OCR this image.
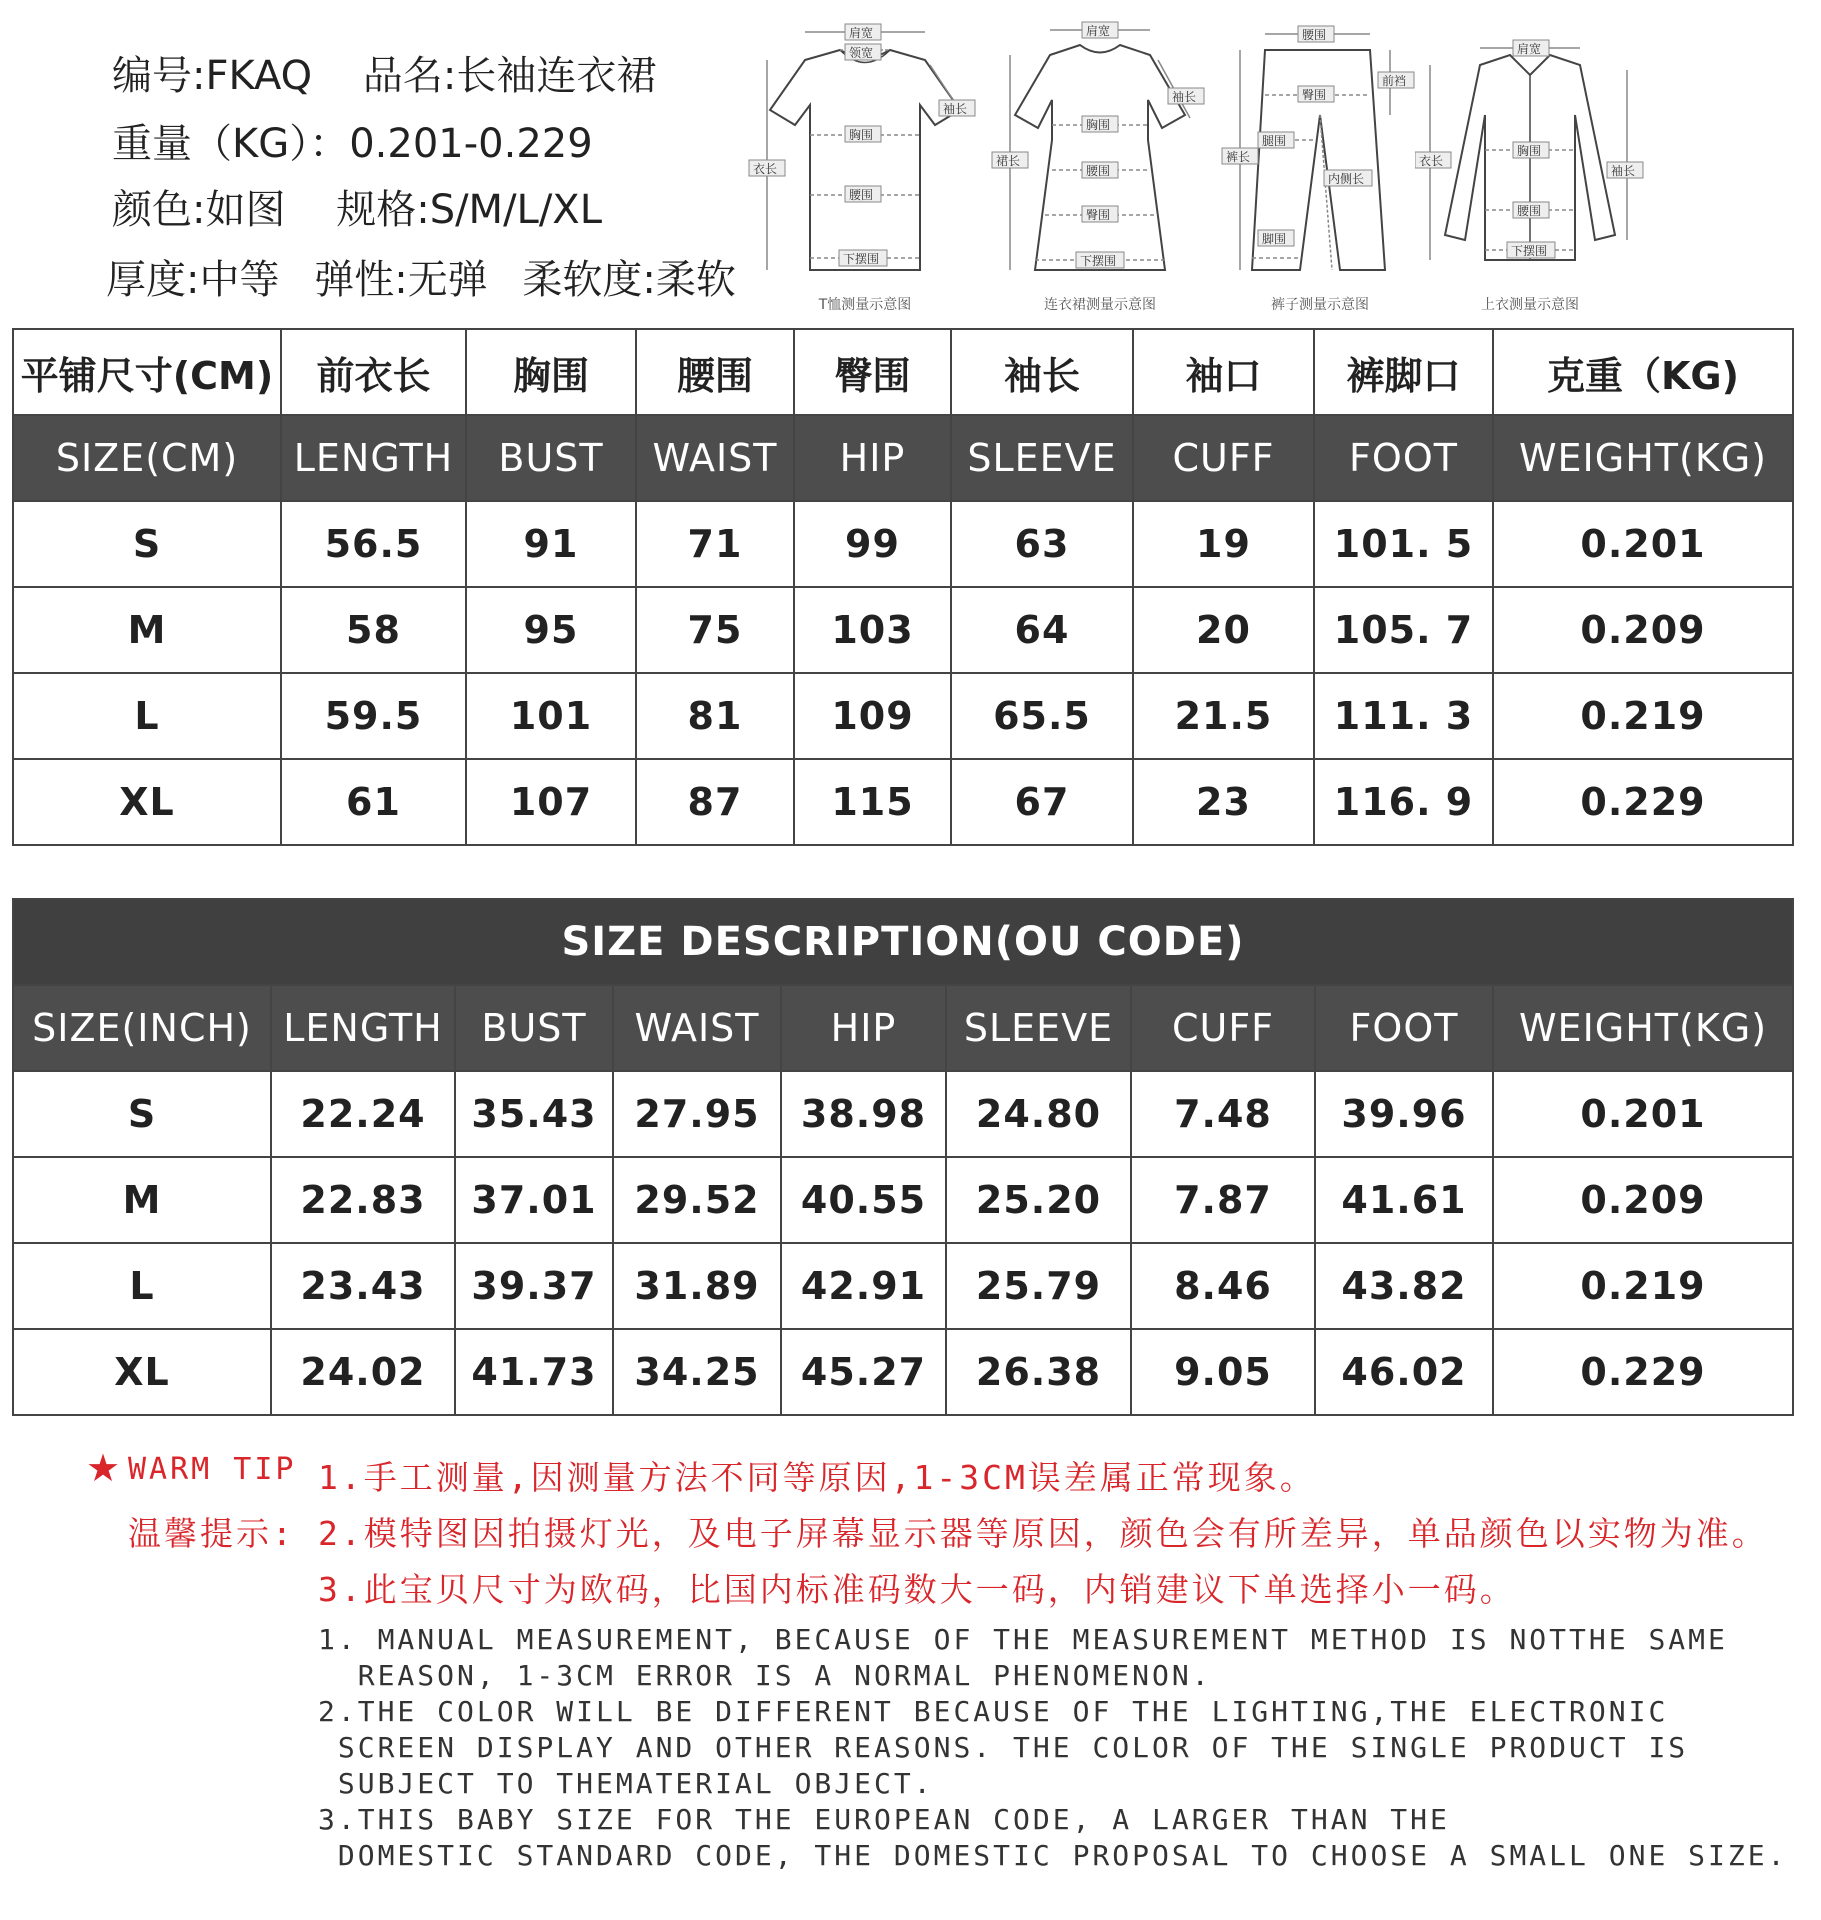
编号:FKAQ 品名:长袖连衣裙
重量（KG）：0.201-0.229
颜色:如图 规格:S/M/L/XL
厚度:中等 弹性:无弹 柔软度:柔软
肩宽
领宽
袖长
衣长
胸围
腰围
下摆围
T恤测量示意图
肩宽
袖长
裙长
胸围
腰围
臀围
下摆围
连衣裙测量示意图
腰围
臀围
前裆
裤长
腿围
内侧长
脚围
裤子测量示意图
肩宽
衣长
胸围
袖长
腰围
下摆围
上衣测量示意图
平铺尺寸(CM)	前衣长	胸围	腰围	臀围	袖长	袖口	裤脚口	克重（KG)
SIZE(CM)	LENGTH	BUST	WAIST	HIP	SLEEVE	CUFF	FOOT	WEIGHT(KG)
S	56.5	91	71	99	63	19	101. 5	0.201
M	58	95	75	103	64	20	105. 7	0.209
L	59.5	101	81	109	65.5	21.5	111. 3	0.219
XL	61	107	87	115	67	23	116. 9	0.229
SIZE DESCRIPTION(OU CODE)								
SIZE(INCH)	LENGTH	BUST	WAIST	HIP	SLEEVE	CUFF	FOOT	WEIGHT(KG)
S	22.24	35.43	27.95	38.98	24.80	7.48	39.96	0.201
M	22.83	37.01	29.52	40.55	25.20	7.87	41.61	0.209
L	23.43	39.37	31.89	42.91	25.79	8.46	43.82	0.219
XL	24.02	41.73	34.25	45.27	26.38	9.05	46.02	0.229
★ WARM TIP
温馨提示:
1.手工测量,因测量方法不同等原因,1-3CM误差属正常现象。
2.模特图因拍摄灯光，及电子屏幕显示器等原因，颜色会有所差异，单品颜色以实物为准。
3.此宝贝尺寸为欧码，比国内标准码数大一码，内销建议下单选择小一码。
1. MANUAL MEASUREMENT, BECAUSE OF THE MEASUREMENT METHOD IS NOTTHE SAME
REASON, 1-3CM ERROR IS A NORMAL PHENOMENON.
2.THE COLOR WILL BE DIFFERENT BECAUSE OF THE LIGHTING,THE ELECTRONIC
SCREEN DISPLAY AND OTHER REASONS. THE COLOR OF THE SINGLE PRODUCT IS
SUBJECT TO THEMATERIAL OBJECT.
3.THIS BABY SIZE FOR THE EUROPEAN CODE, A LARGER THAN THE
DOMESTIC STANDARD CODE, THE DOMESTIC PROPOSAL TO CHOOSE A SMALL ONE SIZE.
